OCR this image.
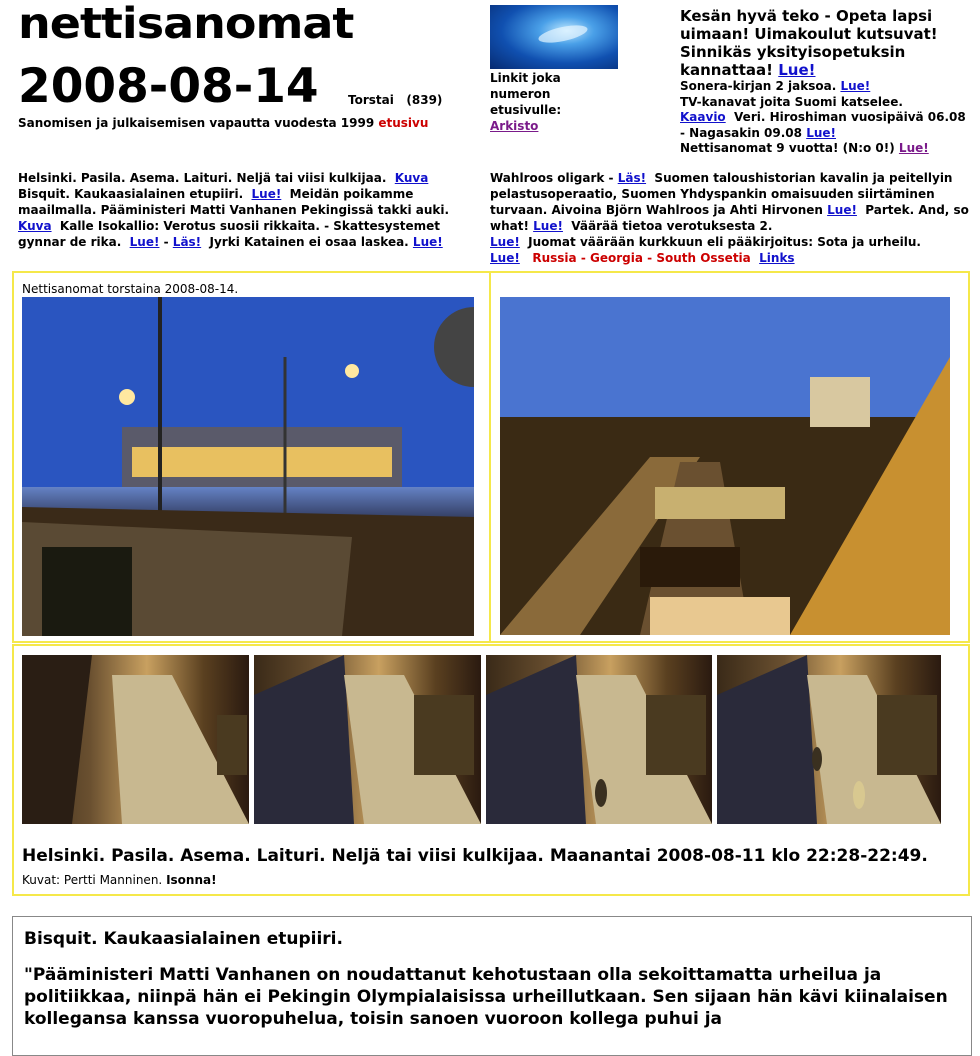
nettisanomat
2008-08-14 Torstai (839)
Sanomisen ja julkaisemisen vapautta vuodesta 1999 etusivu
Linkit joka numeron etusivulle:
Arkisto
Kesän hyvä teko - Opeta lapsi uimaan! Uimakoulut kutsuvat! Sinnikäs yksityisopetuksin kannattaa! Lue!
Sonera-kirjan 2 jaksoa. Lue!
TV-kanavat joita Suomi katselee.
Kaavio Veri. Hiroshiman vuosipäivä 06.08 - Nagasakin 09.08 Lue!
Nettisanomat 9 vuotta! (N:o 0!) Lue!
Helsinki. Pasila. Asema. Laituri. Neljä tai viisi kulkijaa. Kuva Bisquit. Kaukaasialainen etupiiri. Lue! Meidän poikamme maailmalla. Pääministeri Matti Vanhanen Pekingissä takki auki.  Kuva Kalle Isokallio: Verotus suosii rikkaita. - Skattesystemet gynnar de rika. Lue! - Läs! Jyrki Katainen ei osaa laskea. Lue!
Wahlroos oligark - Läs! Suomen taloushistorian kavalin ja peitellyin pelastusoperaatio, Suomen Yhdyspankin omaisuuden siirtäminen turvaan. Aivoina Björn Wahlroos ja Ahti Hirvonen Lue! Partek. And, so what! Lue! Väärää tietoa verotuksesta 2.
Lue! Juomat väärään kurkkuun eli pääkirjoitus: Sota ja urheilu.
Lue! Russia - Georgia - South Ossetia Links
Nettisanomat torstaina 2008-08-14.
Helsinki. Pasila. Asema. Laituri. Neljä tai viisi kulkijaa. Maanantai 2008-08-11 klo 22:28-22:49. Kuvat: Pertti Manninen. Isonna!
Bisquit. Kaukaasialainen etupiiri.
"Pääministeri Matti Vanhanen on noudattanut kehotustaan olla sekoittamatta urheilua ja politiikkaa, niinpä hän ei Pekingin Olympialaisissa urheillutkaan. Sen sijaan hän kävi kiinalaisen kollegansa kanssa vuoropuhelua, toisin sanoen vuoroon kollega puhui ja
